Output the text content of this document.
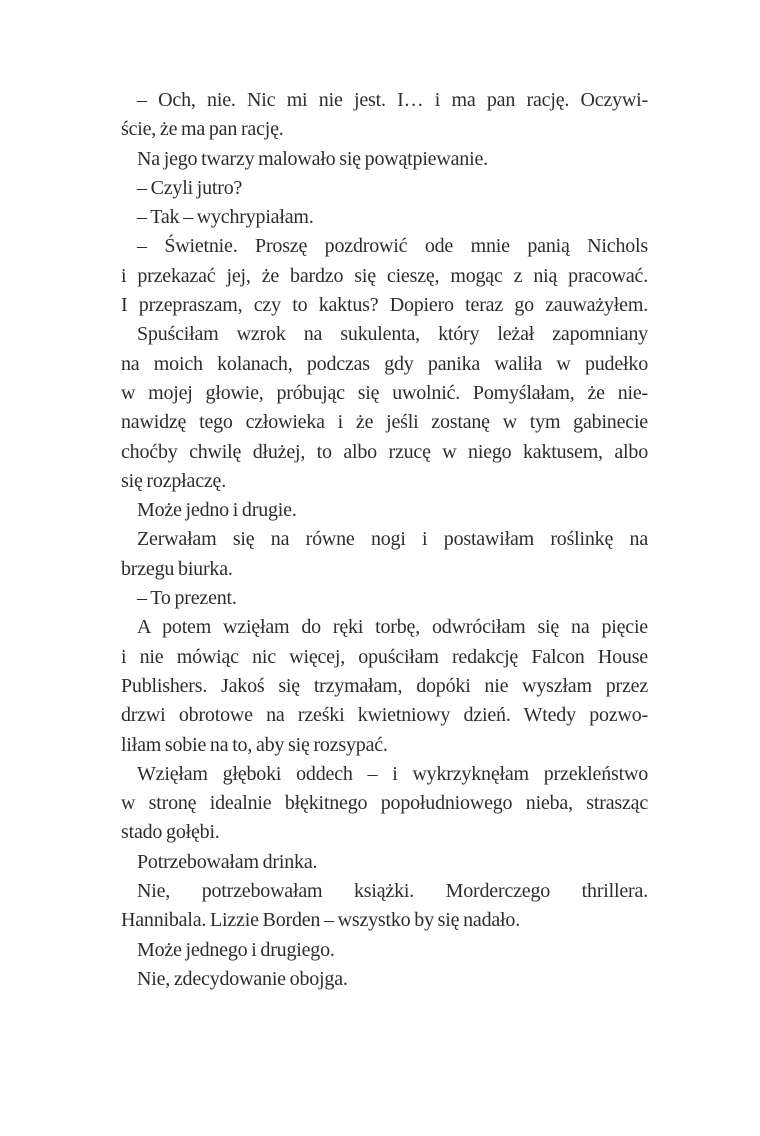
– Och, nie. Nic mi nie jest. I… i ma pan rację. Oczywi-
ście, że ma pan rację.
Na jego twarzy malowało się powątpiewanie.
– Czyli jutro?
– Tak – wychrypiałam.
– Świetnie. Proszę pozdrowić ode mnie panią Nichols
i przekazać jej, że bardzo się cieszę, mogąc z nią pracować.
I przepraszam, czy to kaktus? Dopiero teraz go zauważyłem.
Spuściłam wzrok na sukulenta, który leżał zapomniany
na moich kolanach, podczas gdy panika waliła w pudełko
w mojej głowie, próbując się uwolnić. Pomyślałam, że nie-
nawidzę tego człowieka i że jeśli zostanę w tym gabinecie
choćby chwilę dłużej, to albo rzucę w niego kaktusem, albo
się rozpłaczę.
Może jedno i drugie.
Zerwałam się na równe nogi i postawiłam roślinkę na
brzegu biurka.
– To prezent.
A potem wzięłam do ręki torbę, odwróciłam się na pięcie
i nie mówiąc nic więcej, opuściłam redakcję Falcon House
Publishers. Jakoś się trzymałam, dopóki nie wyszłam przez
drzwi obrotowe na rześki kwietniowy dzień. Wtedy pozwo-
liłam sobie na to, aby się rozsypać.
Wzięłam głęboki oddech – i wykrzyknęłam przekleństwo
w stronę idealnie błękitnego popołudniowego nieba, strasząc
stado gołębi.
Potrzebowałam drinka.
Nie, potrzebowałam książki. Morderczego thrillera.
Hannibala. Lizzie Borden – wszystko by się nadało.
Może jednego i drugiego.
Nie, zdecydowanie obojga.
